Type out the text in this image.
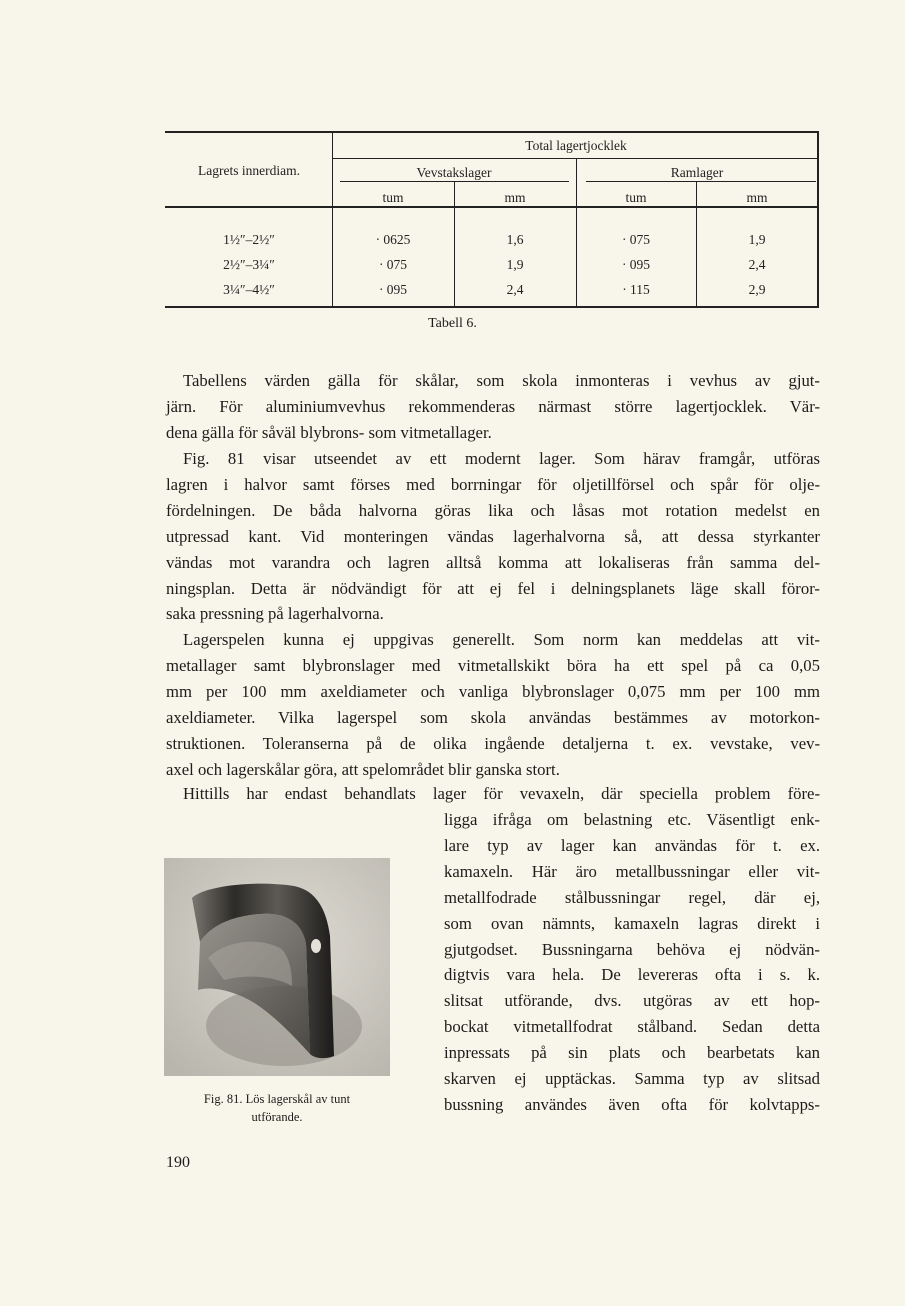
Total lagertjocklek
Lagrets innerdiam.	Vevstakslager	Ramlager
tum	mm	tum	mm
1½″–2½″	· 0625	1,6	· 075	1,9
2½″–3¼″	· 075	1,9	· 095	2,4
3¼″–4½″	· 095	2,4	· 115	2,9
Tabell 6.
Tabellens värden gälla för skålar, som skola inmonteras i vevhus av gjut-
järn. För aluminiumvevhus rekommenderas närmast större lagertjocklek. Vär-
dena gälla för såväl blybrons- som vitmetallager.
Fig. 81 visar utseendet av ett modernt lager. Som härav framgår, utföras
lagren i halvor samt förses med borrningar för oljetillförsel och spår för olje-
fördelningen. De båda halvorna göras lika och låsas mot rotation medelst en
utpressad kant. Vid monteringen vändas lagerhalvorna så, att dessa styrkanter
vändas mot varandra och lagren alltså komma att lokaliseras från samma del-
ningsplan. Detta är nödvändigt för att ej fel i delningsplanets läge skall föror-
saka pressning på lagerhalvorna.
Lagerspelen kunna ej uppgivas generellt. Som norm kan meddelas att vit-
metallager samt blybronslager med vitmetallskikt böra ha ett spel på ca 0,05
mm per 100 mm axeldiameter och vanliga blybronslager 0,075 mm per 100 mm
axeldiameter. Vilka lagerspel som skola användas bestämmes av motorkon-
struktionen. Toleranserna på de olika ingående detaljerna t. ex. vevstake, vev-
axel och lagerskålar göra, att spelområdet blir ganska stort.
Hittills har endast behandlats lager för vevaxeln, där speciella problem före-
ligga ifråga om belastning etc. Väsentligt enk-
lare typ av lager kan användas för t. ex.
kamaxeln. Här äro metallbussningar eller vit-
metallfodrade stålbussningar regel, där ej,
som ovan nämnts, kamaxeln lagras direkt i
gjutgodset. Bussningarna behöva ej nödvän-
digtvis vara hela. De levereras ofta i s. k.
slitsat utförande, dvs. utgöras av ett hop-
bockat vitmetallfodrat stålband. Sedan detta
inpressats på sin plats och bearbetats kan
skarven ej upptäckas. Samma typ av slitsad
bussning användes även ofta för kolvtapps-
Fig. 81. Lös lagerskål av tunt
utförande.
190
